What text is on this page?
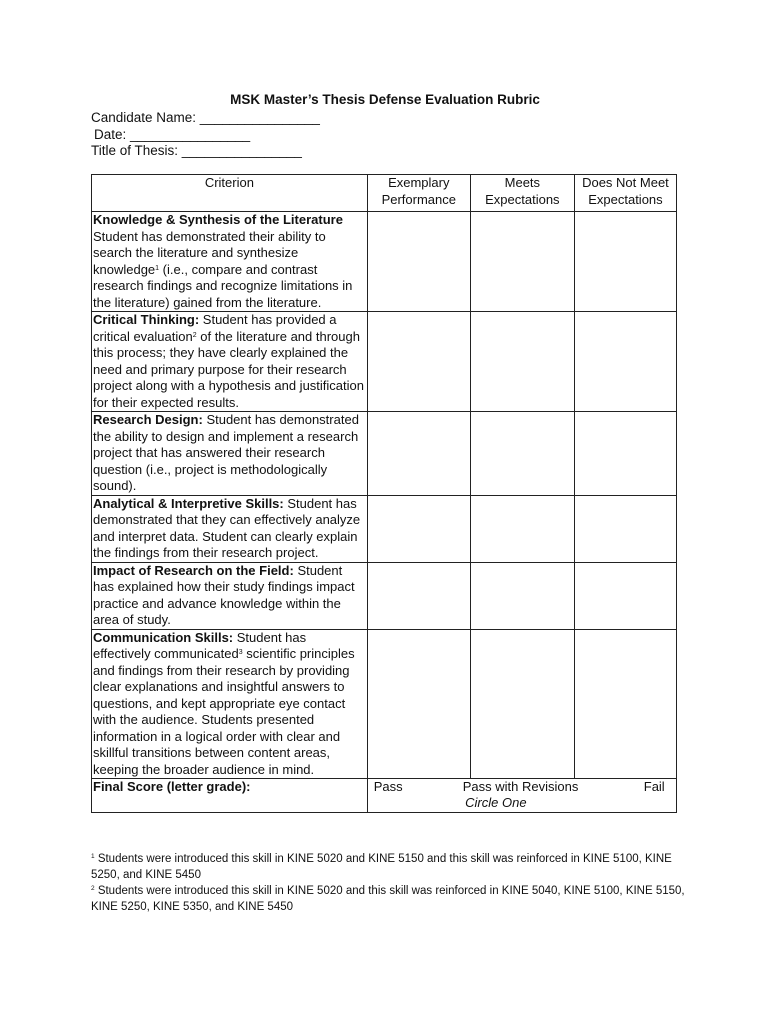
MSK Master’s Thesis Defense Evaluation Rubric
Candidate Name: ________________
Date: ________________
Title of Thesis: ________________
Criterion	Exemplary Performance	Meets Expectations	Does Not Meet Expectations
Knowledge & Synthesis of the Literature
Student has demonstrated their ability to search the literature and synthesize knowledge$^1$ (i.e., compare and contrast research findings and recognize limitations in the literature) gained from the literature.			
Critical Thinking: Student has provided a critical evaluation$^2$ of the literature and through this process; they have clearly explained the need and primary purpose for their research project along with a hypothesis and justification for their expected results.			
Research Design: Student has demonstrated the ability to design and implement a research project that has answered their research question (i.e., project is methodologically sound).			
Analytical & Interpretive Skills: Student has demonstrated that they can effectively analyze and interpret data. Student can clearly explain the findings from their research project.			
Impact of Research on the Field: Student has explained how their study findings impact practice and advance knowledge within the area of study.			
Communication Skills: Student has effectively communicated$^3$ scientific principles and findings from their research by providing clear explanations and insightful answers to questions, and kept appropriate eye contact with the audience. Students presented information in a logical order with clear and skillful transitions between content areas, keeping the broader audience in mind.			
Final Score (letter grade):	Pass Pass with Revisions Fail
Circle One		
$^1$ Students were introduced this skill in KINE 5020 and KINE 5150 and this skill was reinforced in KINE 5100, KINE 5250, and KINE 5450
$^2$ Students were introduced this skill in KINE 5020 and this skill was reinforced in KINE 5040, KINE 5100, KINE 5150, KINE 5250, KINE 5350, and KINE 5450
